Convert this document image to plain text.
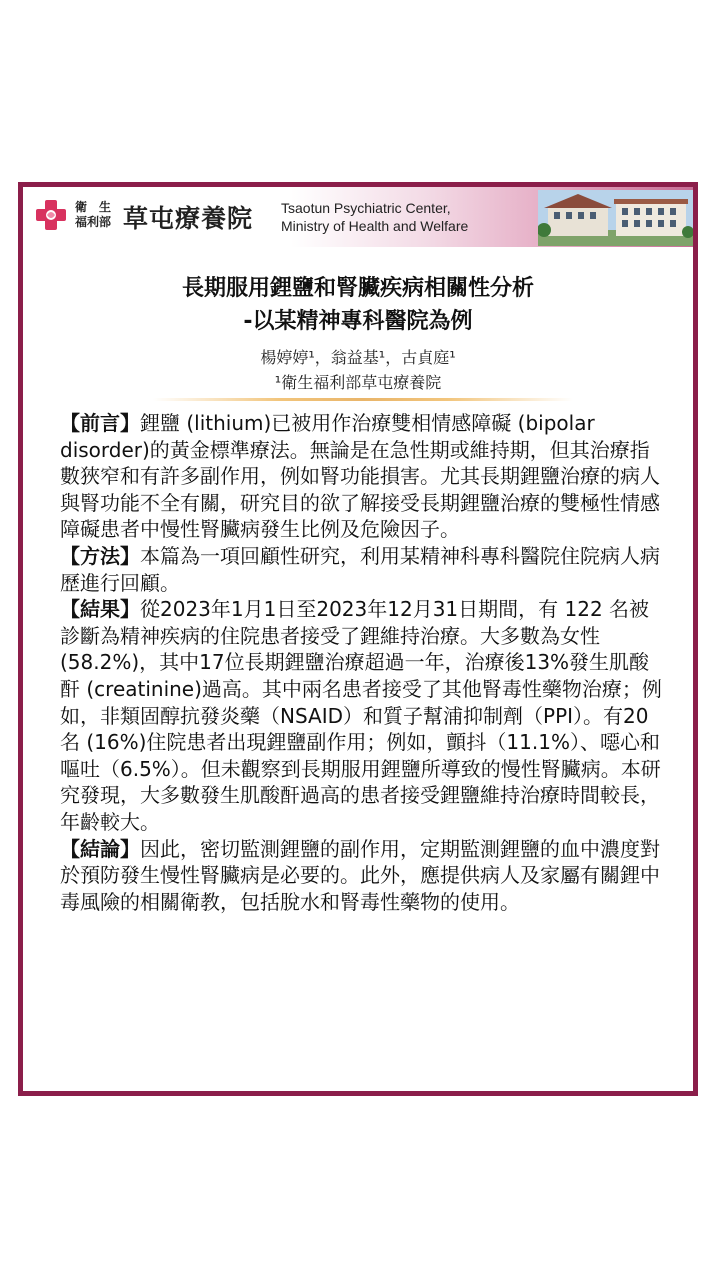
衛　生
福利部 草屯療養院 Tsaotun Psychiatric Center,
Ministry of Health and Welfare
長期服用鋰鹽和腎臟疾病相關性分析
-以某精神專科醫院為例
楊婷婷¹，翁益基¹，古貞庭¹
¹衛生福利部草屯療養院

【前言】鋰鹽 (lithium)已被用作治療雙相情感障礙 (bipolar disorder)的黃金標準療法。無論是在急性期或維持期，但其治療指數狹窄和有許多副作用，例如腎功能損害。尤其長期鋰鹽治療的病人與腎功能不全有關，研究目的欲了解接受長期鋰鹽治療的雙極性情感障礙患者中慢性腎臟病發生比例及危險因子。

【方法】本篇為一項回顧性研究，利用某精神科專科醫院住院病人病歷進行回顧。

【結果】從2023年1月1日至2023年12月31日期間，有 122 名被診斷為精神疾病的住院患者接受了鋰維持治療。大多數為女性 (58.2%)，其中17位長期鋰鹽治療超過一年，治療後13%發生肌酸酐 (creatinine)過高。其中兩名患者接受了其他腎毒性藥物治療；例如，非類固醇抗發炎藥（NSAID）和質子幫浦抑制劑（PPI）。有20名 (16%)住院患者出現鋰鹽副作用；例如，顫抖（11.1%）、噁心和嘔吐（6.5%）。但未觀察到長期服用鋰鹽所導致的慢性腎臟病。本研究發現，大多數發生肌酸酐過高的患者接受鋰鹽維持治療時間較長，年齡較大。

【結論】因此，密切監測鋰鹽的副作用，定期監測鋰鹽的血中濃度對於預防發生慢性腎臟病是必要的。此外，應提供病人及家屬有關鋰中毒風險的相關衛教，包括脫水和腎毒性藥物的使用。
